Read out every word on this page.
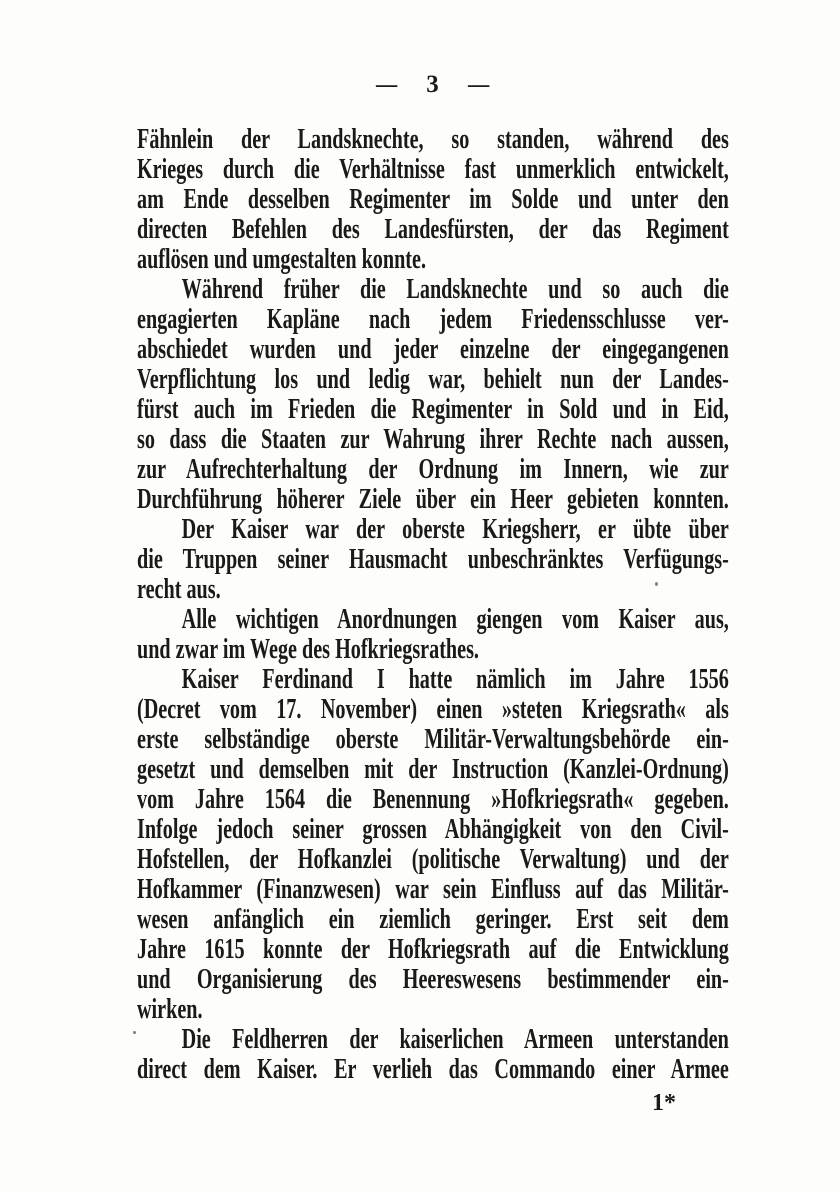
— 3 —
Fähnlein der Landsknechte, so standen, während des
Krieges durch die Verhältnisse fast unmerklich entwickelt,
am Ende desselben Regimenter im Solde und unter den
directen Befehlen des Landesfürsten, der das Regiment
auflösen und umgestalten konnte.
Während früher die Landsknechte und so auch die
engagierten Kapläne nach jedem Friedensschlusse ver-
abschiedet wurden und jeder einzelne der eingegangenen
Verpflichtung los und ledig war, behielt nun der Landes-
fürst auch im Frieden die Regimenter in Sold und in Eid,
so dass die Staaten zur Wahrung ihrer Rechte nach aussen,
zur Aufrechterhaltung der Ordnung im Innern, wie zur
Durchführung höherer Ziele über ein Heer gebieten konnten.
Der Kaiser war der oberste Kriegsherr, er übte über
die Truppen seiner Hausmacht unbeschränktes Verfügungs-
recht aus.
Alle wichtigen Anordnungen giengen vom Kaiser aus,
und zwar im Wege des Hofkriegsrathes.
Kaiser Ferdinand I hatte nämlich im Jahre 1556
(Decret vom 17. November) einen »steten Kriegsrath« als
erste selbständige oberste Militär-Verwaltungsbehörde ein-
gesetzt und demselben mit der Instruction (Kanzlei-Ordnung)
vom Jahre 1564 die Benennung »Hofkriegsrath« gegeben.
Infolge jedoch seiner grossen Abhängigkeit von den Civil-
Hofstellen, der Hofkanzlei (politische Verwaltung) und der
Hofkammer (Finanzwesen) war sein Einfluss auf das Militär-
wesen anfänglich ein ziemlich geringer. Erst seit dem
Jahre 1615 konnte der Hofkriegsrath auf die Entwicklung
und Organisierung des Heereswesens bestimmender ein-
wirken.
Die Feldherren der kaiserlichen Armeen unterstanden
direct dem Kaiser. Er verlieh das Commando einer Armee
1*
